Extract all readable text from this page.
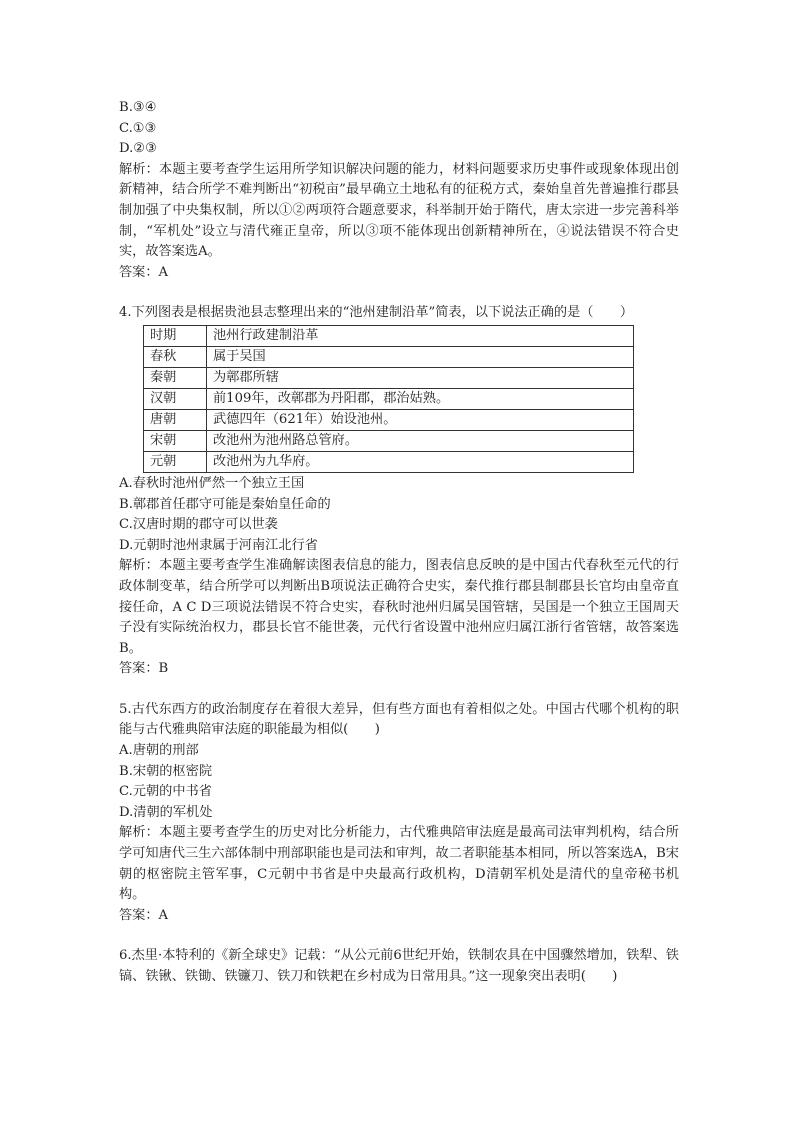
B.③④
C.①③
D.②③

解析：本题主要考查学生运用所学知识解决问题的能力，材料问题要求历史事件或现象体现出创新精神，结合所学不难判断出“初税亩”最早确立土地私有的征税方式，秦始皇首先普遍推行郡县制加强了中央集权制，所以①②两项符合题意要求，科举制开始于隋代，唐太宗进一步完善科举制，“军机处”设立与清代雍正皇帝，所以③项不能体现出创新精神所在，④说法错误不符合史实，故答案选A。

答案：A

4.下列图表是根据贵池县志整理出来的“池州建制沿革”简表，以下说法正确的是（　　）

时期	池州行政建制沿革
春秋	属于吴国
秦朝	为鄣郡所辖
汉朝	前109年，改鄣郡为丹阳郡，郡治姑熟。
唐朝	武德四年（621年）始设池州。
宋朝	改池州为池州路总管府。
元朝	改池州为九华府。
A.春秋时池州俨然一个独立王国
B.鄣郡首任郡守可能是秦始皇任命的
C.汉唐时期的郡守可以世袭
D.元朝时池州隶属于河南江北行省

解析：本题主要考查学生准确解读图表信息的能力，图表信息反映的是中国古代春秋至元代的行政体制变革，结合所学可以判断出B项说法正确符合史实，秦代推行郡县制郡县长官均由皇帝直接任命，A C D三项说法错误不符合史实，春秋时池州归属吴国管辖，吴国是一个独立王国周天子没有实际统治权力，郡县长官不能世袭，元代行省设置中池州应归属江浙行省管辖，故答案选B。

答案：B

5.古代东西方的政治制度存在着很大差异，但有些方面也有着相似之处。中国古代哪个机构的职能与古代雅典陪审法庭的职能最为相似(　　)

A.唐朝的刑部
B.宋朝的枢密院
C.元朝的中书省
D.清朝的军机处

解析：本题主要考查学生的历史对比分析能力，古代雅典陪审法庭是最高司法审判机构，结合所学可知唐代三生六部体制中刑部职能也是司法和审判，故二者职能基本相同，所以答案选A，B宋朝的枢密院主管军事，C元朝中书省是中央最高行政机构，D清朝军机处是清代的皇帝秘书机构。

答案：A

6.杰里·本特利的《新全球史》记载：“从公元前6世纪开始，铁制农具在中国骤然增加，铁犁、铁镐、铁锹、铁锄、铁镰刀、铁刀和铁耙在乡村成为日常用具。”这一现象突出表明(　　)
